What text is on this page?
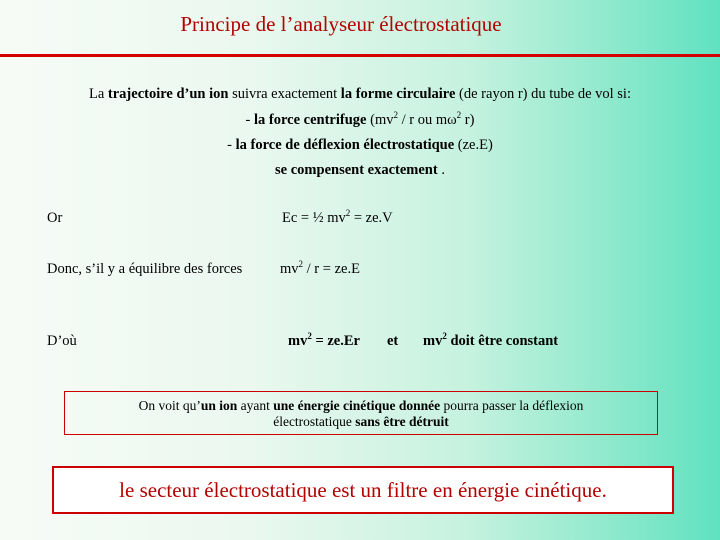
Principe de l’analyseur électrostatique
La trajectoire d’un ion suivra exactement la forme circulaire (de rayon r) du tube de vol si:
- la force centrifuge ($mv^2$ / r ou $m\omega^2$ r)
- la force de déflexion électrostatique (ze.E)
se compensent exactement .
Or	Ec = ½ $mv^2 = ze.V$
Donc, s’il y a équilibre des forces	$mv^2 / r = ze.E$
D’où	$mv^2 = ze.Er$ et $mv^2$ doit être constant
On voit qu’un ion ayant une énergie cinétique donnée pourra passer la déflexion
électrostatique sans être détruit
le secteur électrostatique est un filtre en énergie cinétique.
